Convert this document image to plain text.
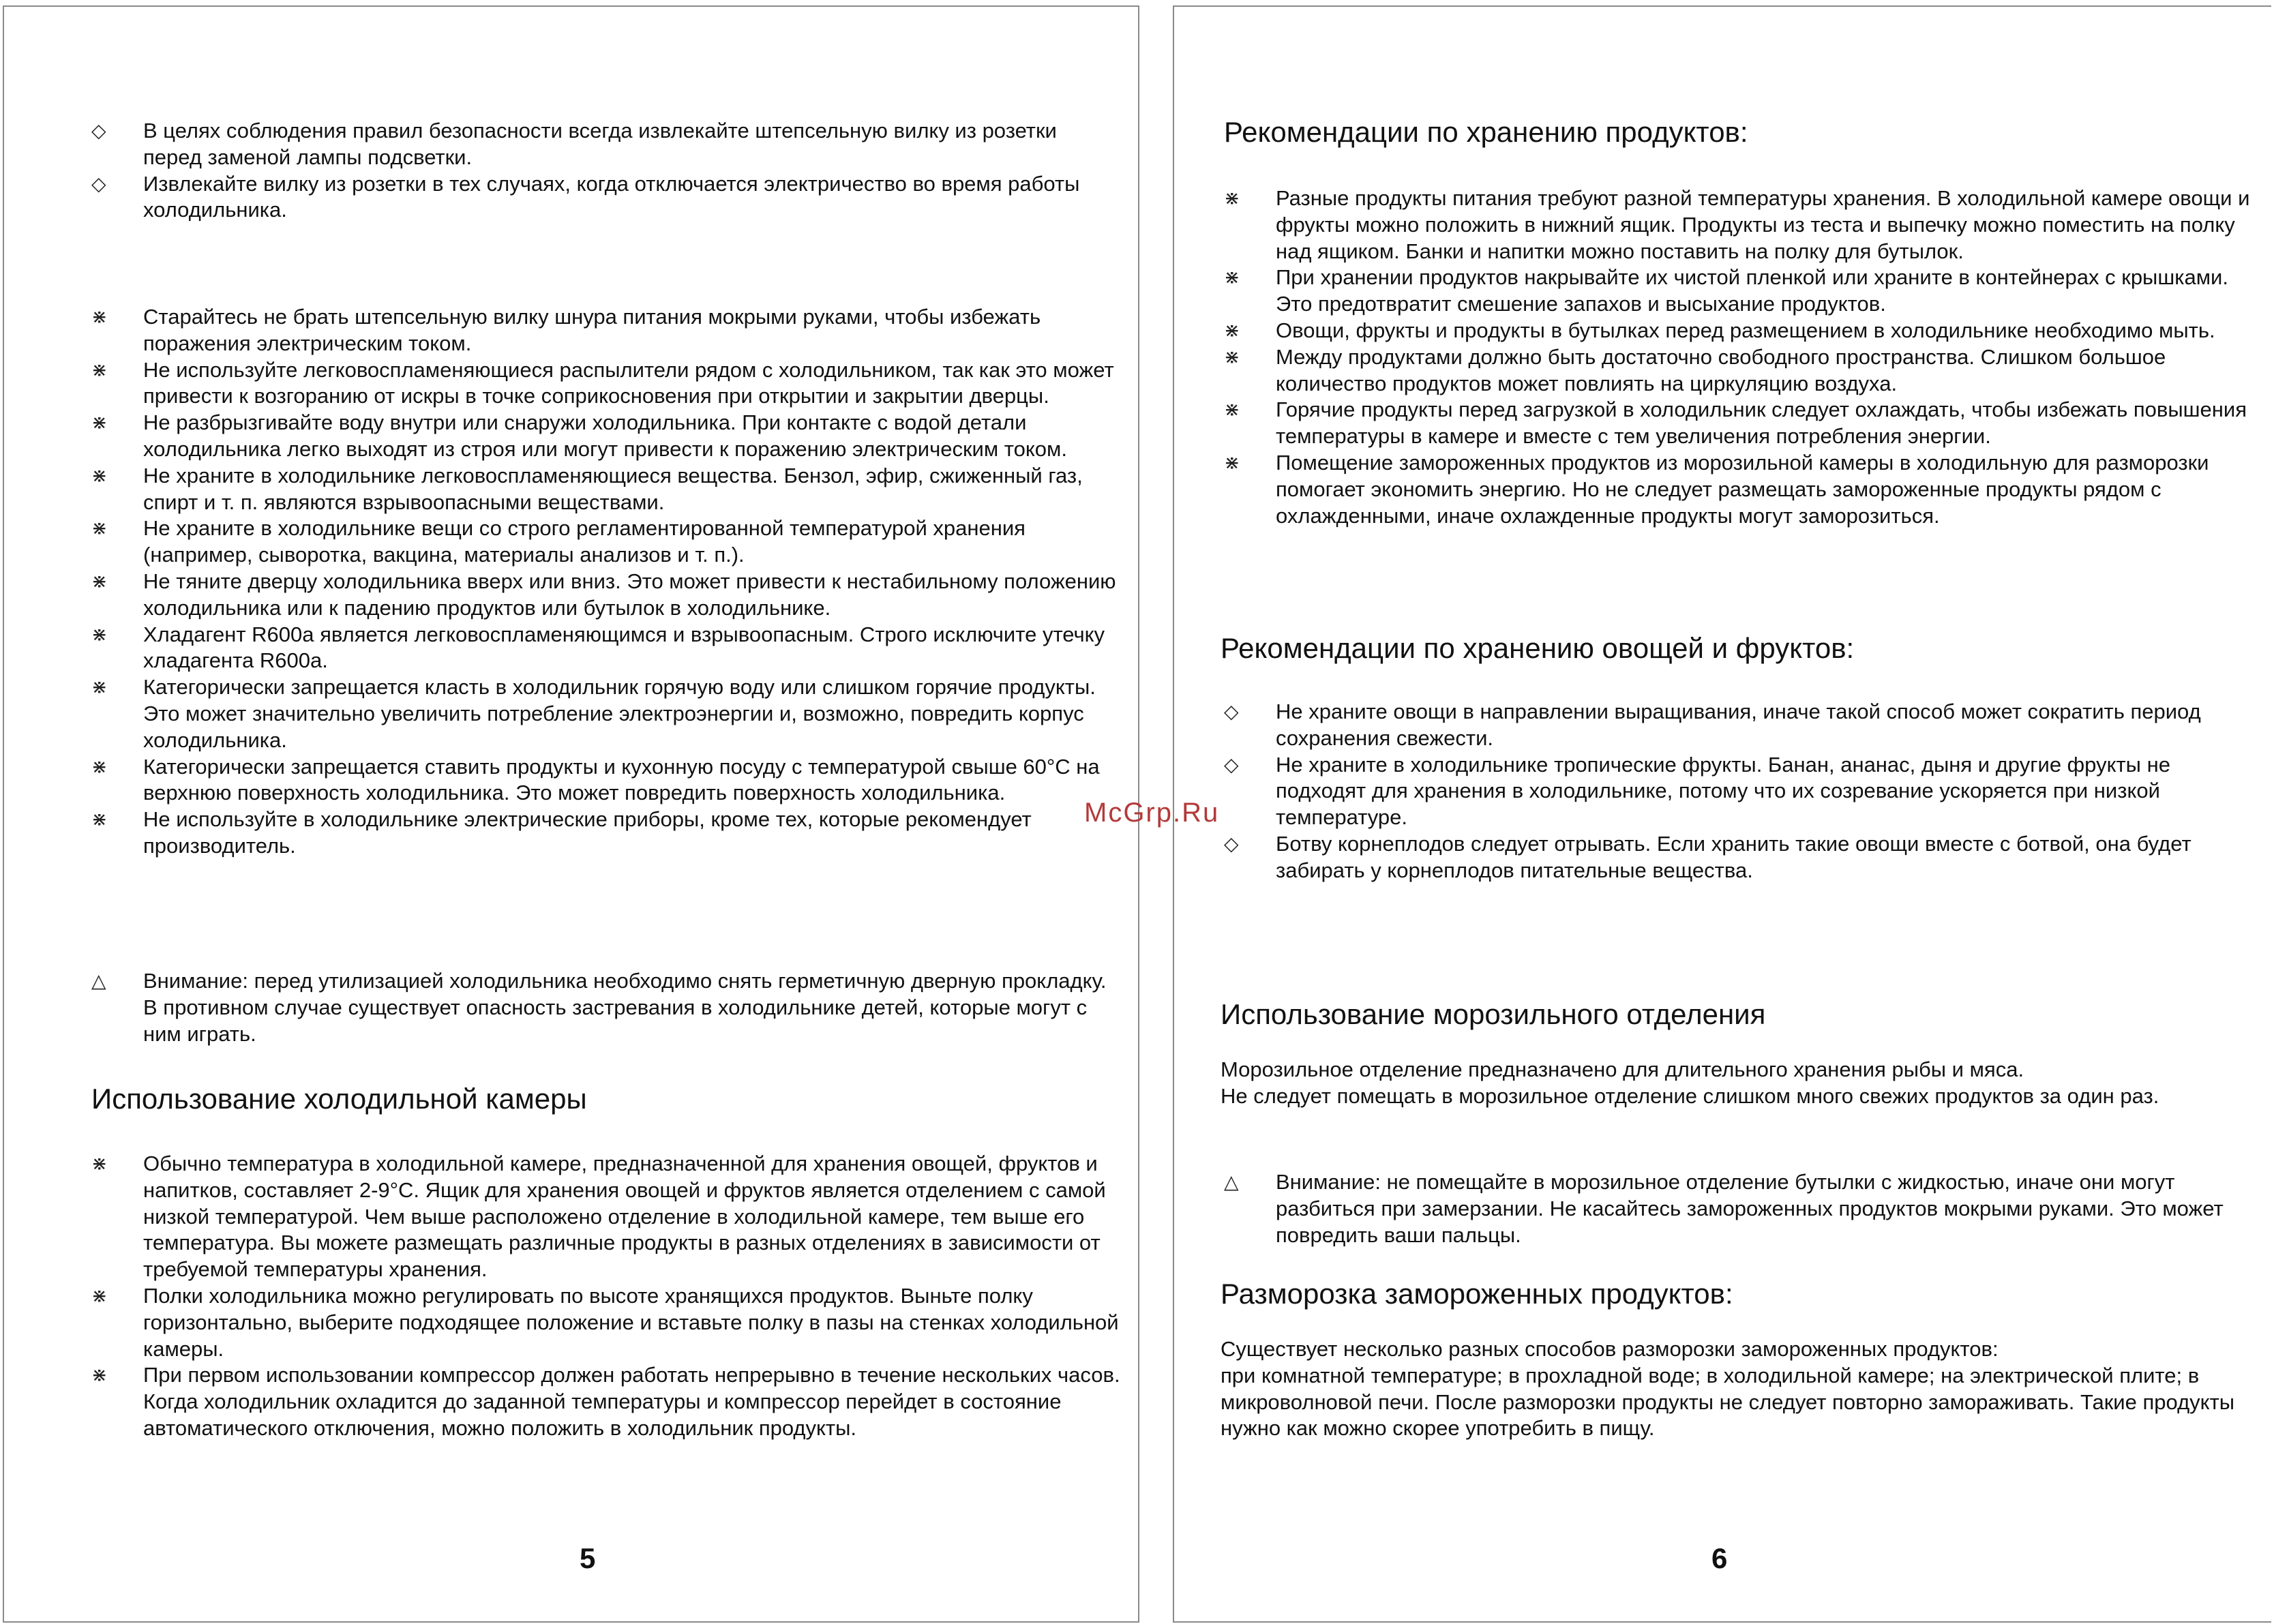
◇	В целях соблюдения правил безопасности всегда извлекайте штепсельную вилку из розетки перед заменой лампы подсветки.
◇	Извлекайте вилку из розетки в тех случаях, когда отключается электричество во время работы холодильника.
⋇	Старайтесь не брать штепсельную вилку шнура питания мокрыми руками, чтобы избежать поражения электрическим током.
⋇	Не используйте легковоспламеняющиеся распылители рядом с холодильником, так как это может привести к возгоранию от искры в точке соприкосновения при открытии и закрытии дверцы.
⋇	Не разбрызгивайте воду внутри или снаружи холодильника. При контакте с водой детали холодильника легко выходят из строя или могут привести к поражению электрическим током.
⋇	Не храните в холодильнике легковоспламеняющиеся вещества. Бензол, эфир, сжиженный газ, спирт и т. п. являются взрывоопасными веществами.
⋇	Не храните в холодильнике вещи со строго регламентированной температурой хранения (например, сыворотка, вакцина, материалы анализов и т. п.).
⋇	Не тяните дверцу холодильника вверх или вниз. Это может привести к нестабильному положению холодильника или к падению продуктов или бутылок в холодильнике.
⋇	Хладагент R600a является легковоспламеняющимся и взрывоопасным. Строго исключите утечку хладагента R600a.
⋇	Категорически запрещается класть в холодильник горячую воду или слишком горячие продукты. Это может значительно увеличить потребление электроэнергии и, возможно, повредить корпус холодильника.
⋇	Категорически запрещается ставить продукты и кухонную посуду с температурой свыше 60°С на верхнюю поверхность холодильника. Это может повредить поверхность холодильника.
⋇	Не используйте в холодильнике электрические приборы, кроме тех, которые рекомендует производитель.
△	Внимание: перед утилизацией холодильника необходимо снять герметичную дверную прокладку. В противном случае существует опасность застревания в холодильнике детей, которые могут с ним играть.
Использование холодильной камеры
⋇	Обычно температура в холодильной камере, предназначенной для хранения овощей, фруктов и напитков, составляет 2-9°С. Ящик для хранения овощей и фруктов является отделением с самой низкой температурой. Чем выше расположено отделение в холодильной камере, тем выше его температура. Вы можете размещать различные продукты в разных отделениях в зависимости от требуемой температуры хранения.
⋇	Полки холодильника можно регулировать по высоте хранящихся продуктов. Выньте полку горизонтально, выберите подходящее положение и вставьте полку в пазы на стенках холодильной камеры.
⋇	При первом использовании компрессор должен работать непрерывно в течение нескольких часов. Когда холодильник охладится до заданной температуры и компрессор перейдет в состояние автоматического отключения, можно положить в холодильник продукты.
5
Рекомендации по хранению продуктов:
⋇	Разные продукты питания требуют разной температуры хранения. В холодильной камере овощи и фрукты можно положить в нижний ящик. Продукты из теста и выпечку можно поместить на полку над ящиком. Банки и напитки можно поставить на полку для бутылок.
⋇	При хранении продуктов накрывайте их чистой пленкой или храните в контейнерах с крышками. Это предотвратит смешение запахов и высыхание продуктов.
⋇	Овощи, фрукты и продукты в бутылках перед размещением в холодильнике необходимо мыть.
⋇	Между продуктами должно быть достаточно свободного пространства. Слишком большое количество продуктов может повлиять на циркуляцию воздуха.
⋇	Горячие продукты перед загрузкой в холодильник следует охлаждать, чтобы избежать повышения температуры в камере и вместе с тем увеличения потребления энергии.
⋇	Помещение замороженных продуктов из морозильной камеры в холодильную для разморозки помогает экономить энергию. Но не следует размещать замороженные продукты рядом с охлажденными, иначе охлажденные продукты могут заморозиться.
Рекомендации по хранению овощей и фруктов:
◇	Не храните овощи в направлении выращивания, иначе такой способ может сократить период сохранения свежести.
◇	Не храните в холодильнике тропические фрукты. Банан, ананас, дыня и другие фрукты не подходят для хранения в холодильнике, потому что их созревание ускоряется при низкой температуре.
◇	Ботву корнеплодов следует отрывать. Если хранить такие овощи вместе с ботвой, она будет забирать у корнеплодов питательные вещества.
Использование морозильного отделения

Морозильное отделение предназначено для длительного хранения рыбы и мяса.
Не следует помещать в морозильное отделение слишком много свежих продуктов за один раз.

△	Внимание: не помещайте в морозильное отделение бутылки с жидкостью, иначе они могут разбиться при замерзании. Не касайтесь замороженных продуктов мокрыми руками. Это может повредить ваши пальцы.
Разморозка замороженных продуктов:

Существует несколько разных способов разморозки замороженных продуктов:
при комнатной температуре; в прохладной воде; в холодильной камере; на электрической плите; в микроволновой печи. После разморозки продукты не следует повторно замораживать. Такие продукты нужно как можно скорее употребить в пищу.

6
McGrp.Ru
